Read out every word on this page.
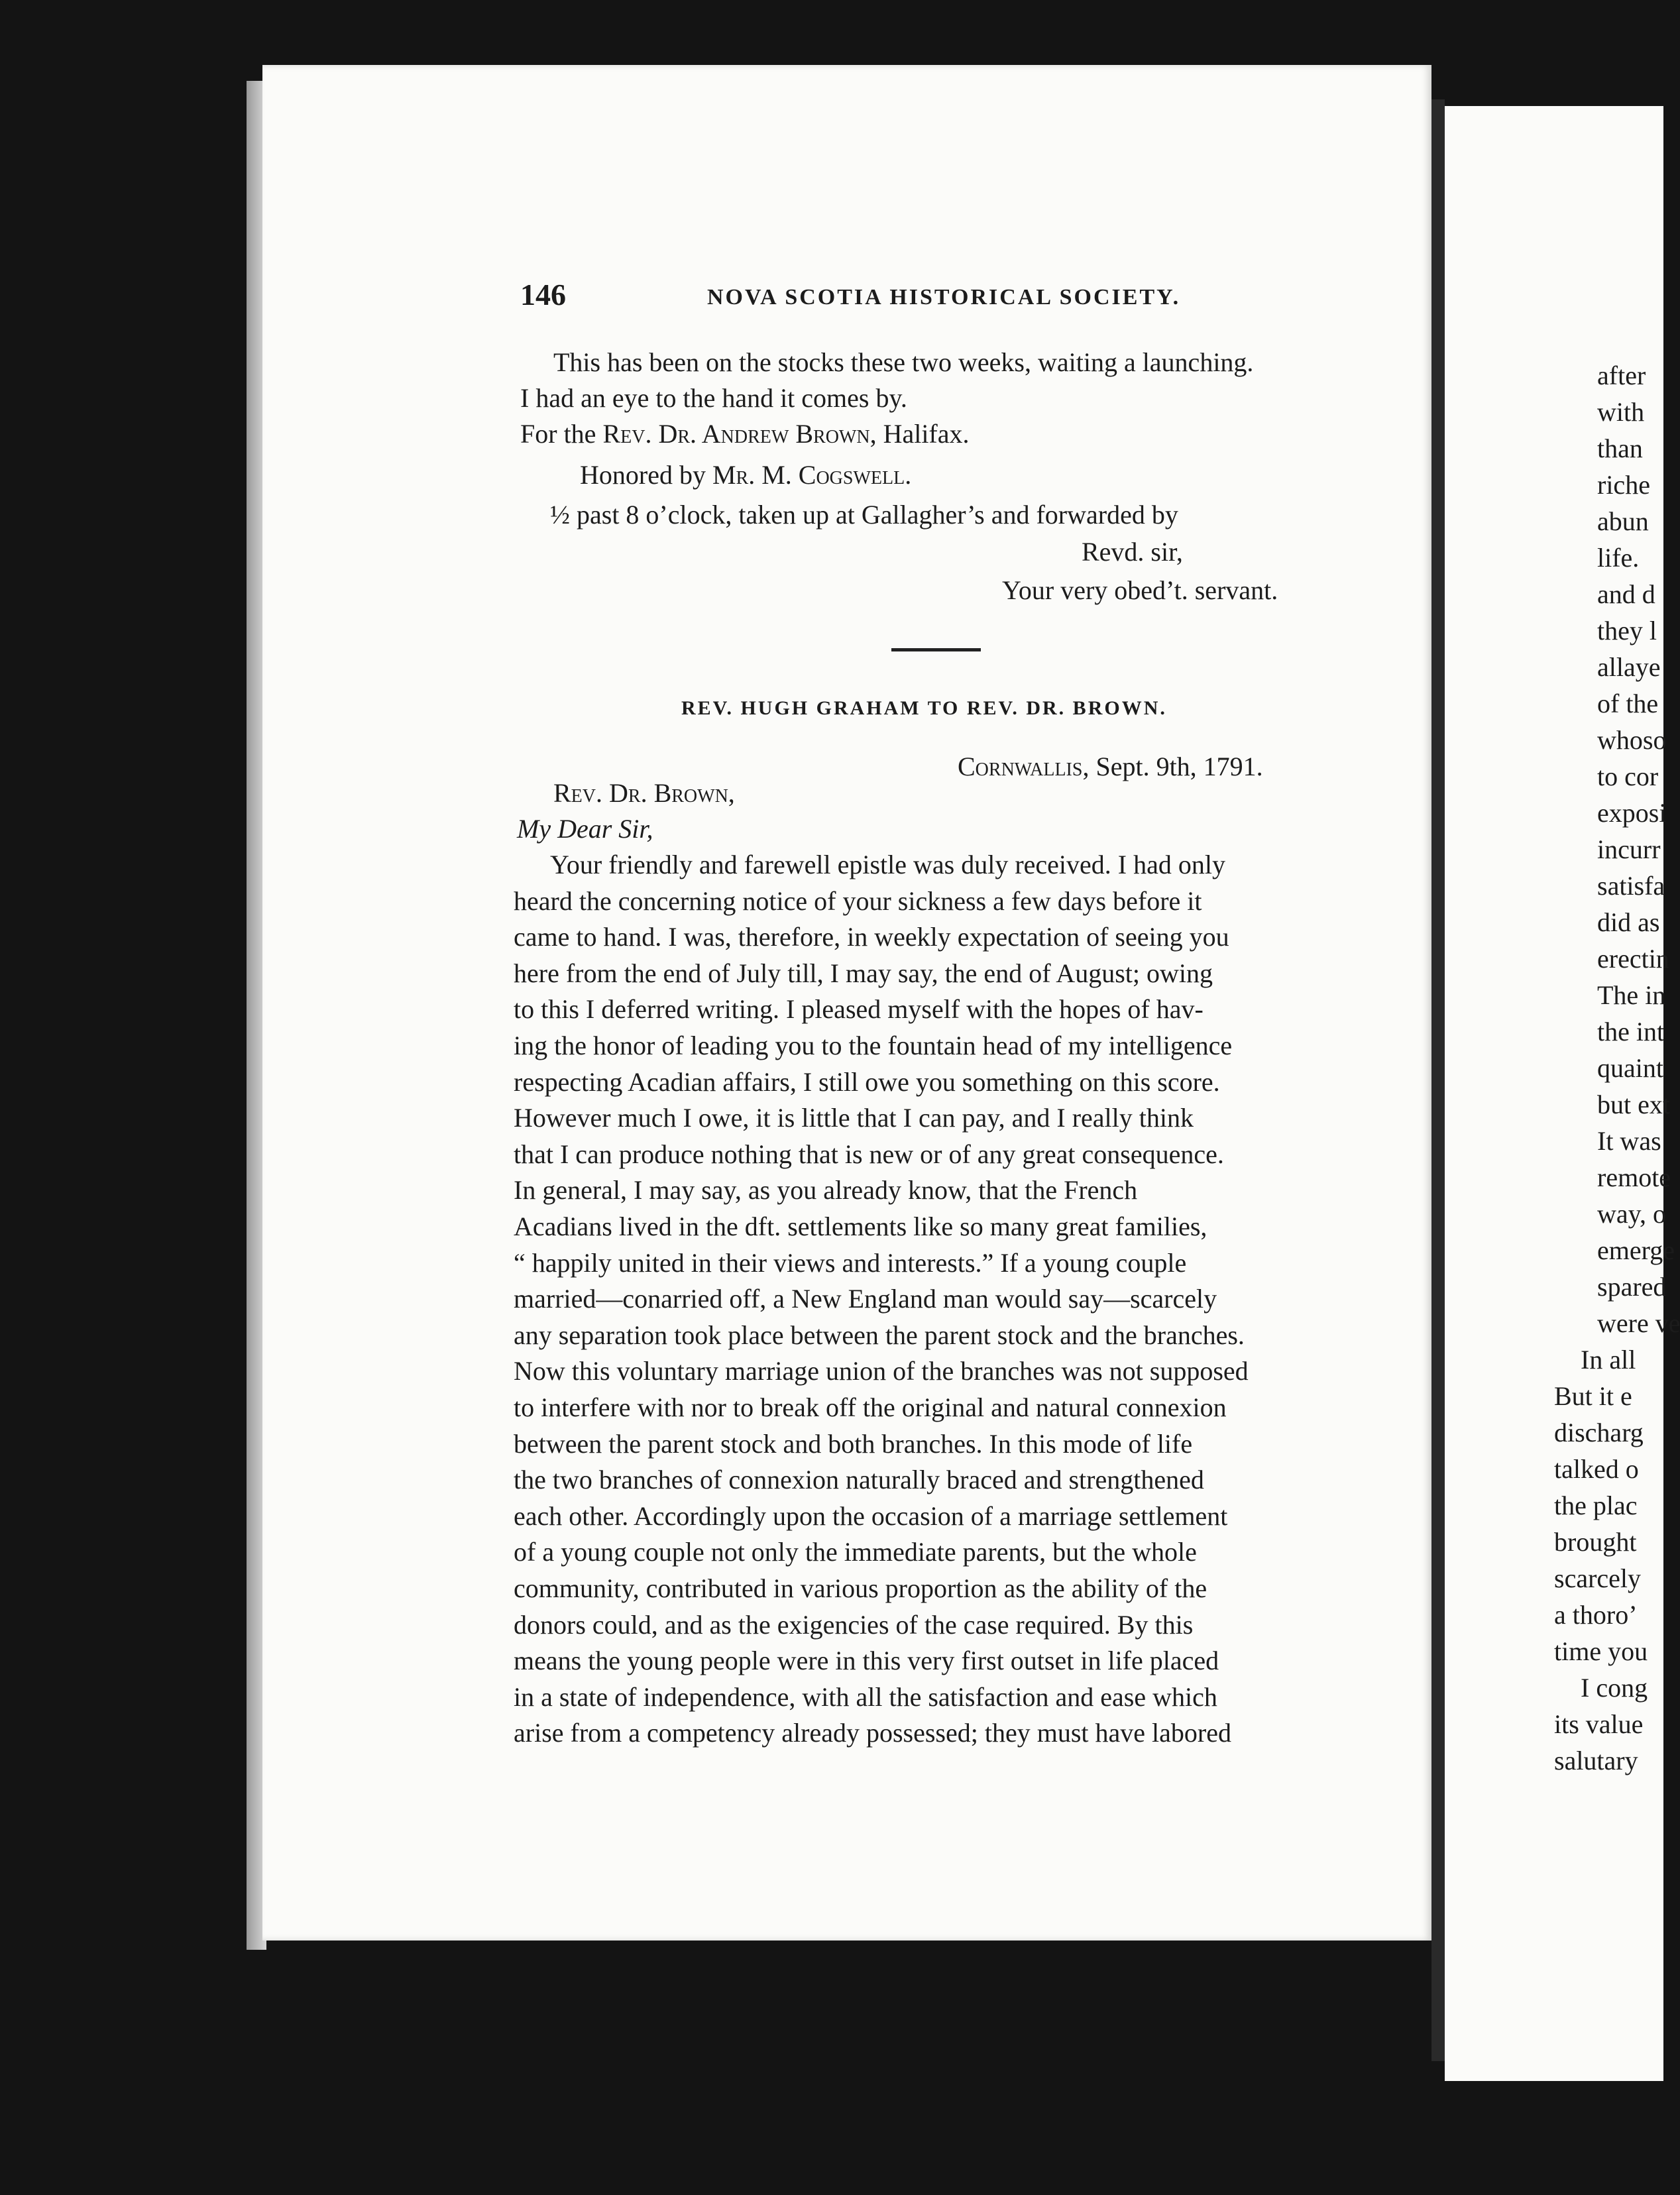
146	NOVA SCOTIA HISTORICAL SOCIETY.
This has been on the stocks these two weeks, waiting a launching.
I had an eye to the hand it comes by.
For the Rev. Dr. Andrew Brown, Halifax.
Honored by Mr. M. Cogswell.
½ past 8 o’clock, taken up at Gallagher’s and forwarded by
Revd. sir,
Your very obed’t. servant.
REV. HUGH GRAHAM TO REV. DR. BROWN.
Cornwallis, Sept. 9th, 1791.
Rev. Dr. Brown,
My Dear Sir,
Your friendly and farewell epistle was duly received. I had only
heard the concerning notice of your sickness a few days before it
came to hand. I was, therefore, in weekly expectation of seeing you
here from the end of July till, I may say, the end of August; owing
to this I deferred writing. I pleased myself with the hopes of hav-
ing the honor of leading you to the fountain head of my intelligence
respecting Acadian affairs, I still owe you something on this score.
However much I owe, it is little that I can pay, and I really think
that I can produce nothing that is new or of any great consequence.
In general, I may say, as you already know, that the French
Acadians lived in the dft. settlements like so many great families,
“ happily united in their views and interests.” If a young couple
married—conarried off, a New England man would say—scarcely
any separation took place between the parent stock and the branches.
Now this voluntary marriage union of the branches was not supposed
to interfere with nor to break off the original and natural connexion
between the parent stock and both branches. In this mode of life
the two branches of connexion naturally braced and strengthened
each other. Accordingly upon the occasion of a marriage settlement
of a young couple not only the immediate parents, but the whole
community, contributed in various proportion as the ability of the
donors could, and as the exigencies of the case required. By this
means the young people were in this very first outset in life placed
in a state of independence, with all the satisfaction and ease which
arise from a competency already possessed; they must have labored
after
with
than
riche
abun
life.
and d
they l
allaye
of the
whoso
to cor
exposi
incurr
satisfa
did as
erectin
The in
the int
quaint
but ext
It was
remote
way, o
emerge
spared
were ve
In all
But it e
discharg
talked o
the plac
brought
scarcely
a thoro’
time you
I cong
its value
salutary
